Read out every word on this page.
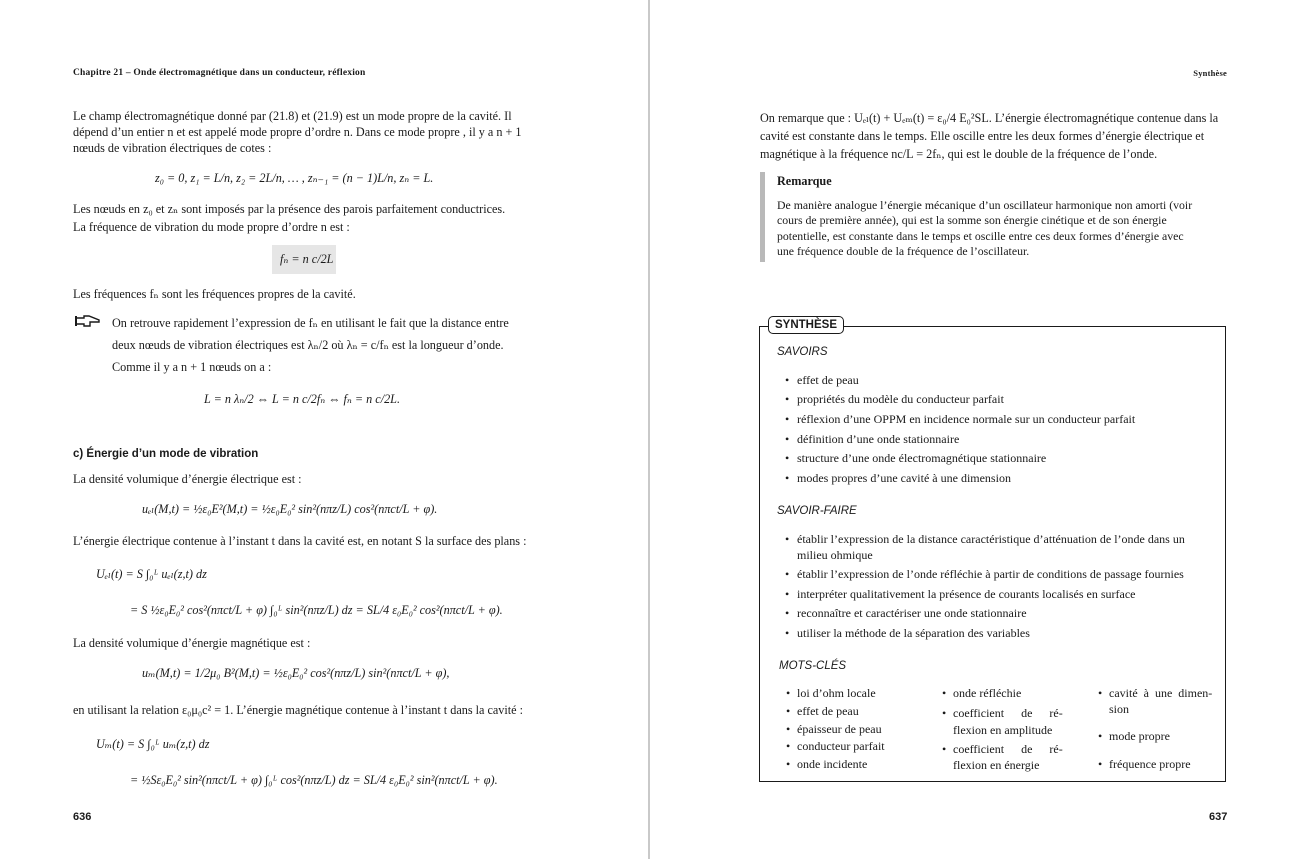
Chapitre 21 – Onde électromagnétique dans un conducteur, réflexion
Le champ électromagnétique donné par (21.8) et (21.9) est un mode propre de la cavité. Il
dépend d’un entier n et est appelé mode propre d’ordre n. Dans ce mode propre , il y a n + 1
nœuds de vibration électriques de cotes :
z₀ = 0, z₁ = L/n, z₂ = 2L/n, … , zₙ₋₁ = (n − 1)L/n, zₙ = L.
Les nœuds en z₀ et zₙ sont imposés par la présence des parois parfaitement conductrices.
La fréquence de vibration du mode propre d’ordre n est :
fₙ = n c/2L
Les fréquences fₙ sont les fréquences propres de la cavité.
On retrouve rapidement l’expression de fₙ en utilisant le fait que la distance entre
deux nœuds de vibration électriques est λₙ/2 où λₙ = c/fₙ est la longueur d’onde.
Comme il y a n + 1 nœuds on a :
L = n λₙ/2 ⇔ L = n c/2fₙ ⇔ fₙ = n c/2L.
c) Énergie d’un mode de vibration
La densité volumique d’énergie électrique est :
uₑₗ(M,t) = ½ε₀E²(M,t) = ½ε₀E₀² sin²(nπz/L) cos²(nπct/L + φ).
L’énergie électrique contenue à l’instant t dans la cavité est, en notant S la surface des plans :
Uₑₗ(t) = S ∫₀ᴸ uₑₗ(z,t) dz
= S ½ε₀E₀² cos²(nπct/L + φ) ∫₀ᴸ sin²(nπz/L) dz = SL/4 ε₀E₀² cos²(nπct/L + φ).
La densité volumique d’énergie magnétique est :
uₘ(M,t) = 1/2μ₀ B²(M,t) = ½ε₀E₀² cos²(nπz/L) sin²(nπct/L + φ),
en utilisant la relation ε₀μ₀c² = 1. L’énergie magnétique contenue à l’instant t dans la cavité :
Uₘ(t) = S ∫₀ᴸ uₘ(z,t) dz
= ½Sε₀E₀² sin²(nπct/L + φ) ∫₀ᴸ cos²(nπz/L) dz = SL/4 ε₀E₀² sin²(nπct/L + φ).
636
Synthèse
On remarque que : Uₑₗ(t) + Uₑₘ(t) = ε₀/4 E₀²SL. L’énergie électromagnétique contenue dans la
cavité est constante dans le temps. Elle oscille entre les deux formes d’énergie électrique et
magnétique à la fréquence nc/L = 2fₙ, qui est le double de la fréquence de l’onde.
Remarque
De manière analogue l’énergie mécanique d’un oscillateur harmonique non amorti (voir
cours de première année), qui est la somme son énergie cinétique et de son énergie
potentielle, est constante dans le temps et oscille entre ces deux formes d’énergie avec
une fréquence double de la fréquence de l’oscillateur.
SYNTHÈSE
SAVOIRS
• effet de peau
• propriétés du modèle du conducteur parfait
• réflexion d’une OPPM en incidence normale sur un conducteur parfait
• définition d’une onde stationnaire
• structure d’une onde électromagnétique stationnaire
• modes propres d’une cavité à une dimension
SAVOIR-FAIRE
• établir l’expression de la distance caractéristique d’atténuation de l’onde dans un
milieu ohmique
• établir l’expression de l’onde réfléchie à partir de conditions de passage fournies
• interpréter qualitativement la présence de courants localisés en surface
• reconnaître et caractériser une onde stationnaire
• utiliser la méthode de la séparation des variables
MOTS-CLÉS
• loi d’ohm locale
• effet de peau
• épaisseur de peau
• conducteur parfait
• onde incidente
• onde réfléchie
• coefficient de ré-
flexion en amplitude
• coefficient de ré-
flexion en énergie
• cavité à une dimen-
sion
• mode propre
• fréquence propre
637
